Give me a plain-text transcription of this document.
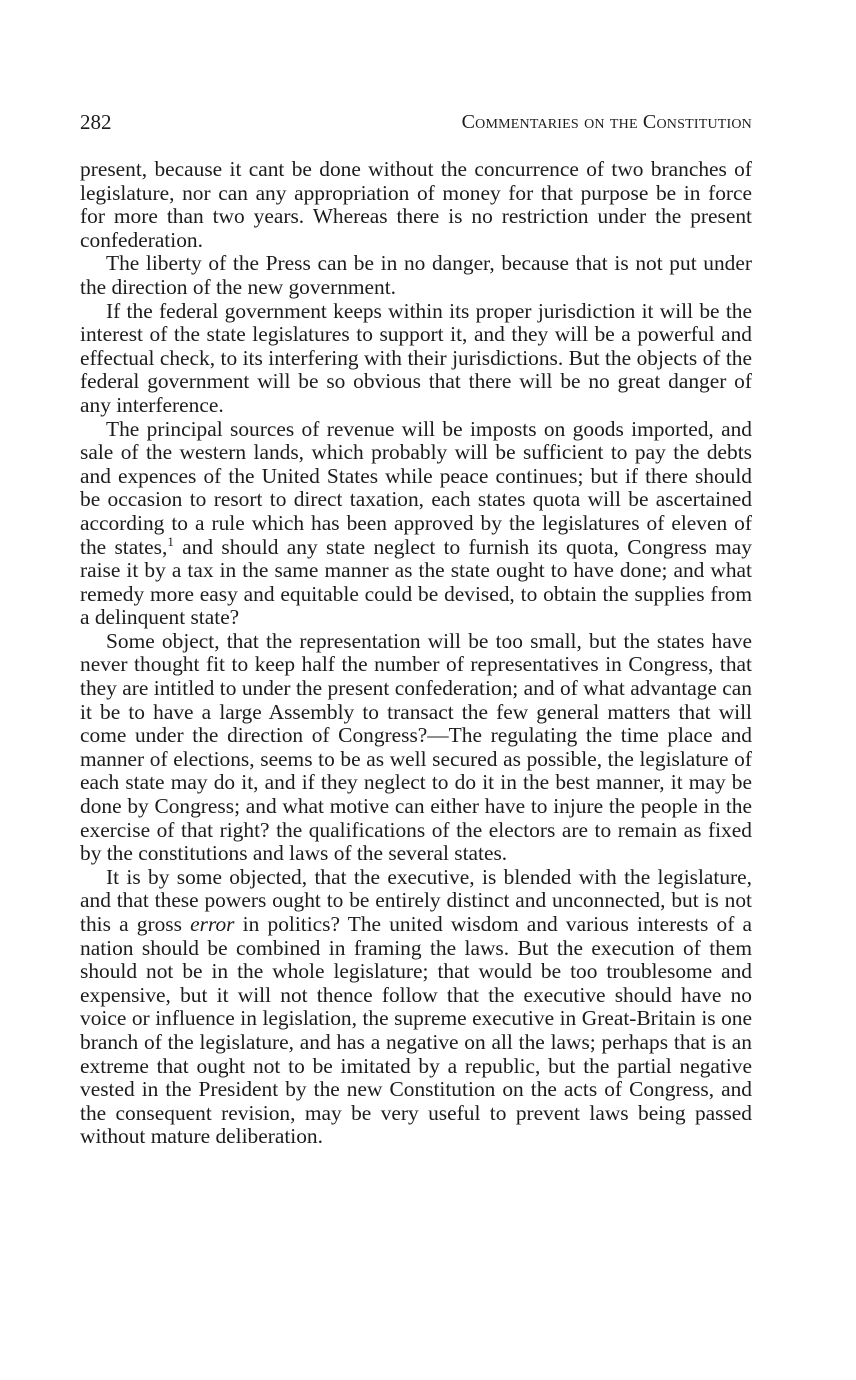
282	Commentaries on the Constitution

present, because it cant be done without the concurrence of two branches of legislature, nor can any appropriation of money for that purpose be in force for more than two years. Whereas there is no restriction under the present confederation.

The liberty of the Press can be in no danger, because that is not put under the direction of the new government.

If the federal government keeps within its proper jurisdiction it will be the interest of the state legislatures to support it, and they will be a powerful and effectual check, to its interfering with their jurisdictions. But the objects of the federal government will be so obvious that there will be no great danger of any interference.

The principal sources of revenue will be imposts on goods imported, and sale of the western lands, which probably will be sufficient to pay the debts and expences of the United States while peace continues; but if there should be occasion to resort to direct taxation, each states quota will be ascertained according to a rule which has been approved by the legislatures of eleven of the states,$^1$ and should any state neglect to furnish its quota, Congress may raise it by a tax in the same manner as the state ought to have done; and what remedy more easy and equitable could be devised, to obtain the supplies from a delinquent state?

Some object, that the representation will be too small, but the states have never thought fit to keep half the number of representatives in Congress, that they are intitled to under the present confederation; and of what advantage can it be to have a large Assembly to transact the few general matters that will come under the direction of Congress?—The regulating the time place and manner of elections, seems to be as well secured as possible, the legislature of each state may do it, and if they neglect to do it in the best manner, it may be done by Congress; and what motive can either have to injure the people in the exercise of that right? the qualifications of the electors are to remain as fixed by the constitutions and laws of the several states.

It is by some objected, that the executive, is blended with the legislature, and that these powers ought to be entirely distinct and unconnected, but is not this a gross error in politics? The united wisdom and various interests of a nation should be combined in framing the laws. But the execution of them should not be in the whole legislature; that would be too troublesome and expensive, but it will not thence follow that the executive should have no voice or influence in legislation, the supreme executive in Great-Britain is one branch of the legislature, and has a negative on all the laws; perhaps that is an extreme that ought not to be imitated by a republic, but the partial negative vested in the President by the new Constitution on the acts of Congress, and the consequent revision, may be very useful to prevent laws being passed without mature deliberation.
